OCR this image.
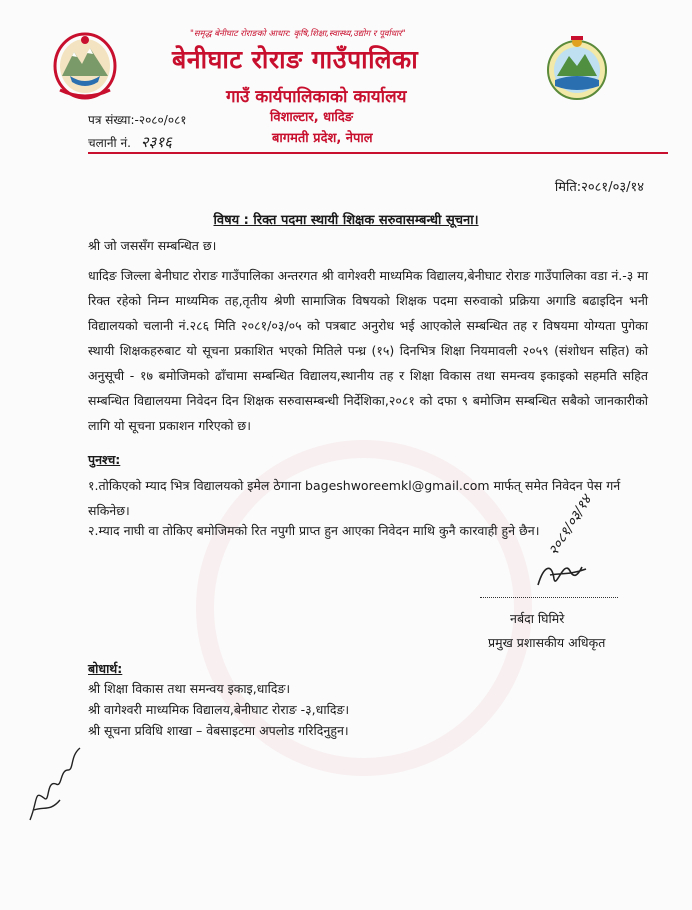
"समृद्ध बेनीघाट रोराङको आधार: कृषि,शिक्षा,स्वास्थ्य,उद्योग र पूर्वाधार"
बेनीघाट रोराङ गाउँपालिका
गाउँ कार्यपालिकाको कार्यालय
विशाल्टार, धादिङ
बागमती प्रदेश, नेपाल
पत्र संख्या:-२०८०/०८१
चलानी नं. २३१६
मिति:२०८१/०३/१४
विषय : रिक्त पदमा स्थायी शिक्षक सरुवासम्बन्धी सूचना।
श्री जो जससँग सम्बन्धित छ।
धादिङ जिल्ला बेनीघाट रोराङ गाउँपालिका अन्तरगत श्री वागेश्वरी माध्यमिक विद्यालय,बेनीघाट रोराङ गाउँपालिका वडा नं.-३ मा रिक्त रहेको निम्न माध्यमिक तह,तृतीय श्रेणी सामाजिक विषयको शिक्षक पदमा सरुवाको प्रक्रिया अगाडि बढाइदिन भनी विद्यालयको चलानी नं.२८६ मिति २०८१/०३/०५ को पत्रबाट अनुरोध भई आएकोले सम्बन्धित तह र विषयमा योग्यता पुगेका स्थायी शिक्षकहरुबाट यो सूचना प्रकाशित भएको मितिले पन्ध्र (१५) दिनभित्र शिक्षा नियमावली २०५९ (संशोधन सहित) को अनुसूची - १७ बमोजिमको ढाँचामा सम्बन्धित विद्यालय,स्थानीय तह र शिक्षा विकास तथा समन्वय इकाइको सहमति सहित सम्बन्धित विद्यालयमा निवेदन दिन शिक्षक सरुवासम्बन्धी निर्देशिका,२०८१ को दफा ९ बमोजिम सम्बन्धित सबैको जानकारीको लागि यो सूचना प्रकाशन गरिएको छ।
पुनश्च:
१.तोकिएको म्याद भित्र विद्यालयको इमेल ठेगाना bageshworeemkl@gmail.com मार्फत् समेत निवेदन पेस गर्न सकिनेछ।
२.म्याद नाघी वा तोकिए बमोजिमको रित नपुगी प्राप्त हुन आएका निवेदन माथि कुनै कारवाही हुने छैन। २०८१/०३/१४
नर्बदा घिमिरे
प्रमुख प्रशासकीय अधिकृत
बोधार्थ:
श्री शिक्षा विकास तथा समन्वय इकाइ,धादिङ।
श्री वागेश्वरी माध्यमिक विद्यालय,बेनीघाट रोराङ -३,धादिङ।
श्री सूचना प्रविधि शाखा – वेबसाइटमा अपलोड गरिदिनुहुन।
